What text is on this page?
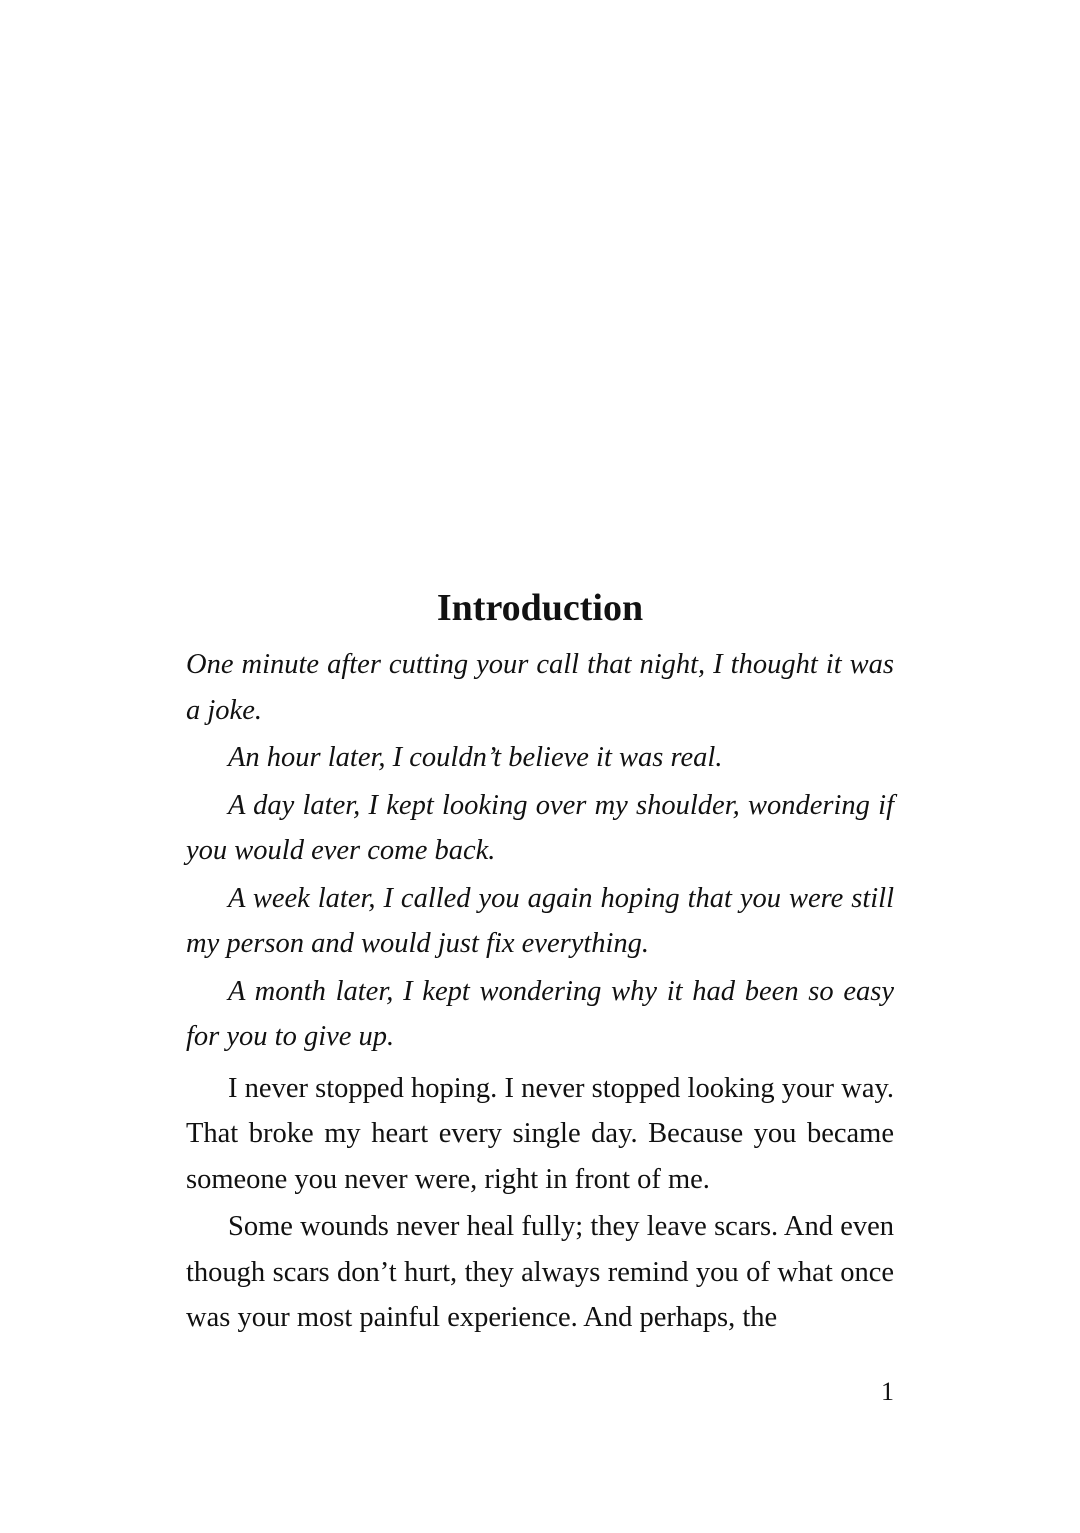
Introduction

One minute after cutting your call that night, I thought it was a joke.

An hour later, I couldn’t believe it was real.

A day later, I kept looking over my shoulder, wondering if you would ever come back.

A week later, I called you again hoping that you were still my person and would just fix everything.

A month later, I kept wondering why it had been so easy for you to give up.

I never stopped hoping. I never stopped looking your way. That broke my heart every single day. Because you became someone you never were, right in front of me.

Some wounds never heal fully; they leave scars. And even though scars don’t hurt, they always remind you of what once was your most painful experience. And perhaps, the

1
